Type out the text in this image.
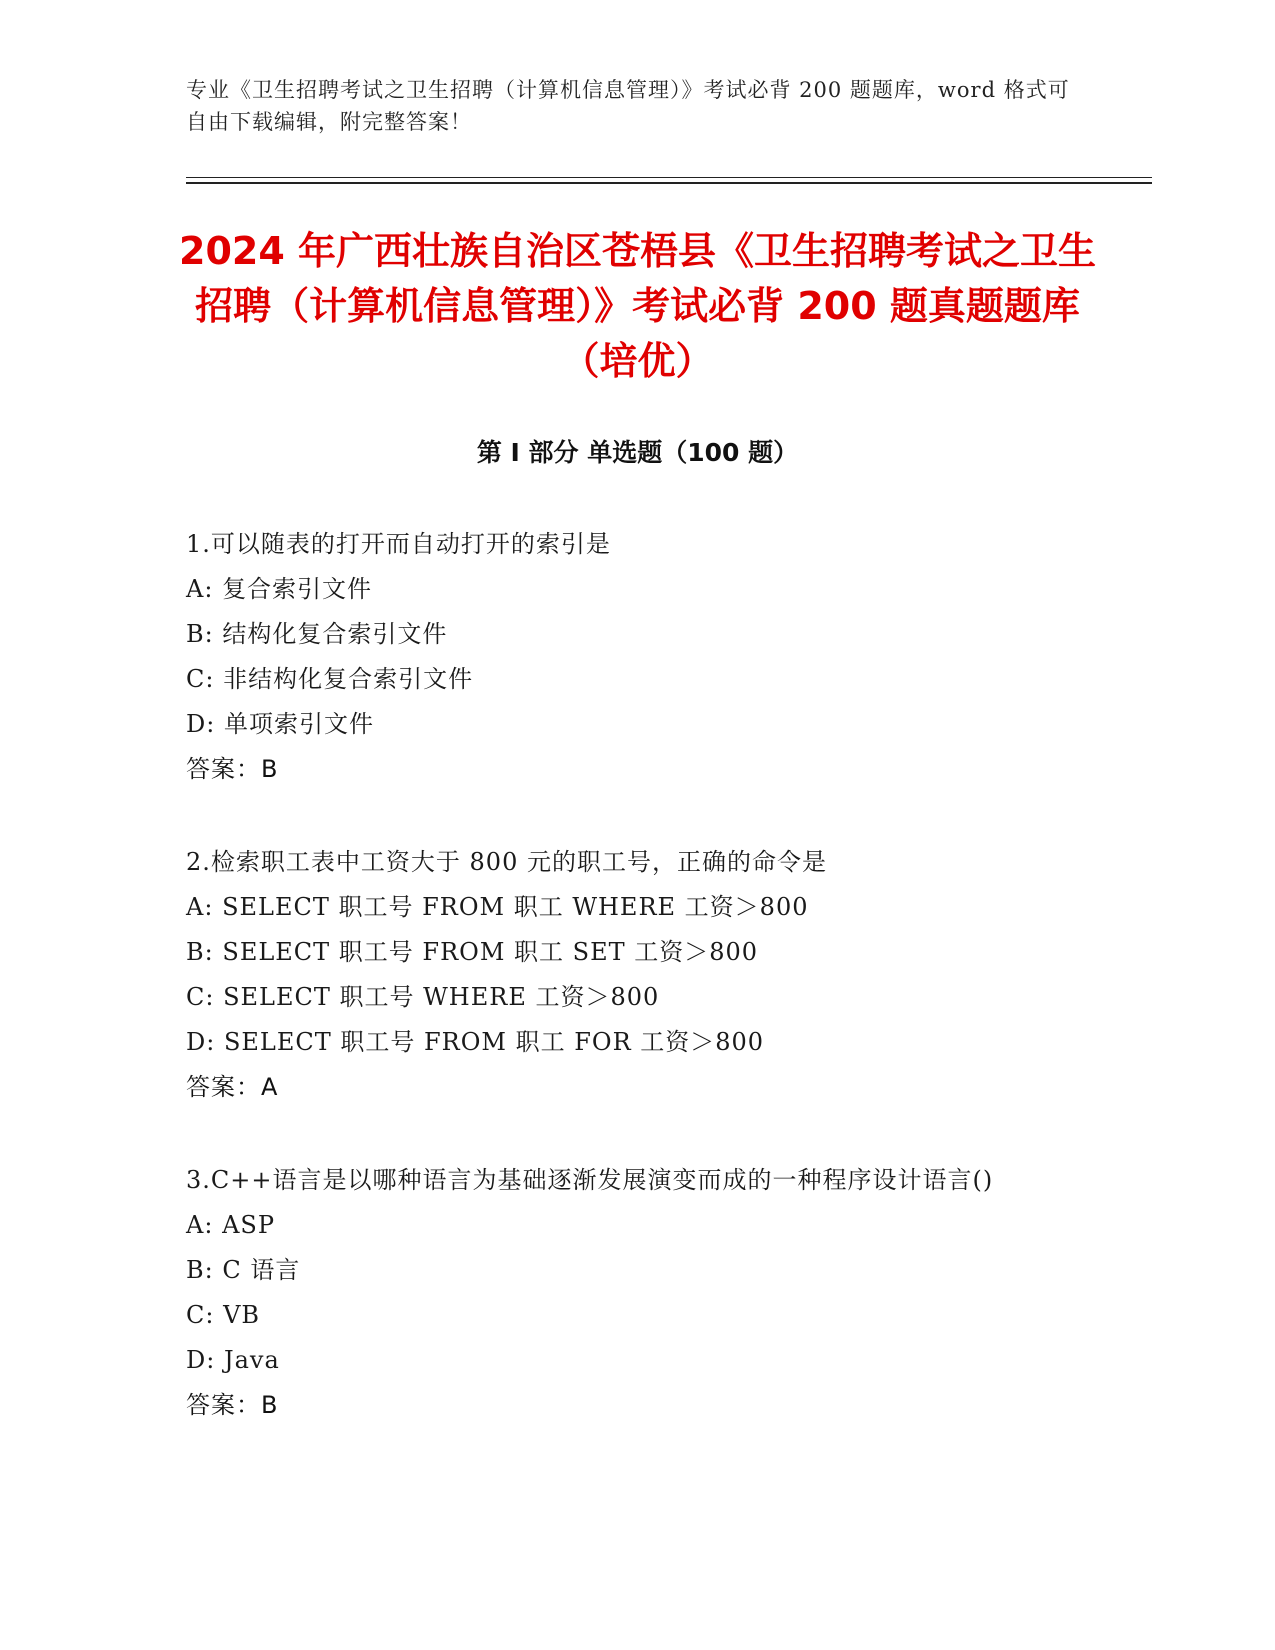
专业《卫生招聘考试之卫生招聘（计算机信息管理）》考试必背 200 题题库，word 格式可自由下载编辑，附完整答案！
2024 年广西壮族自治区苍梧县《卫生招聘考试之卫生招聘（计算机信息管理）》考试必背 200 题真题题库（培优）
第 I 部分 单选题（100 题）
1.可以随表的打开而自动打开的索引是
A: 复合索引文件
B: 结构化复合索引文件
C: 非结构化复合索引文件
D: 单项索引文件
答案：B
2.检索职工表中工资大于 800 元的职工号，正确的命令是
A: SELECT 职工号 FROM 职工 WHERE 工资＞800
B: SELECT 职工号 FROM 职工 SET 工资＞800
C: SELECT 职工号 WHERE 工资＞800
D: SELECT 职工号 FROM 职工 FOR 工资＞800
答案：A
3.C++语言是以哪种语言为基础逐渐发展演变而成的一种程序设计语言()
A: ASP
B: C 语言
C: VB
D: Java
答案：B
